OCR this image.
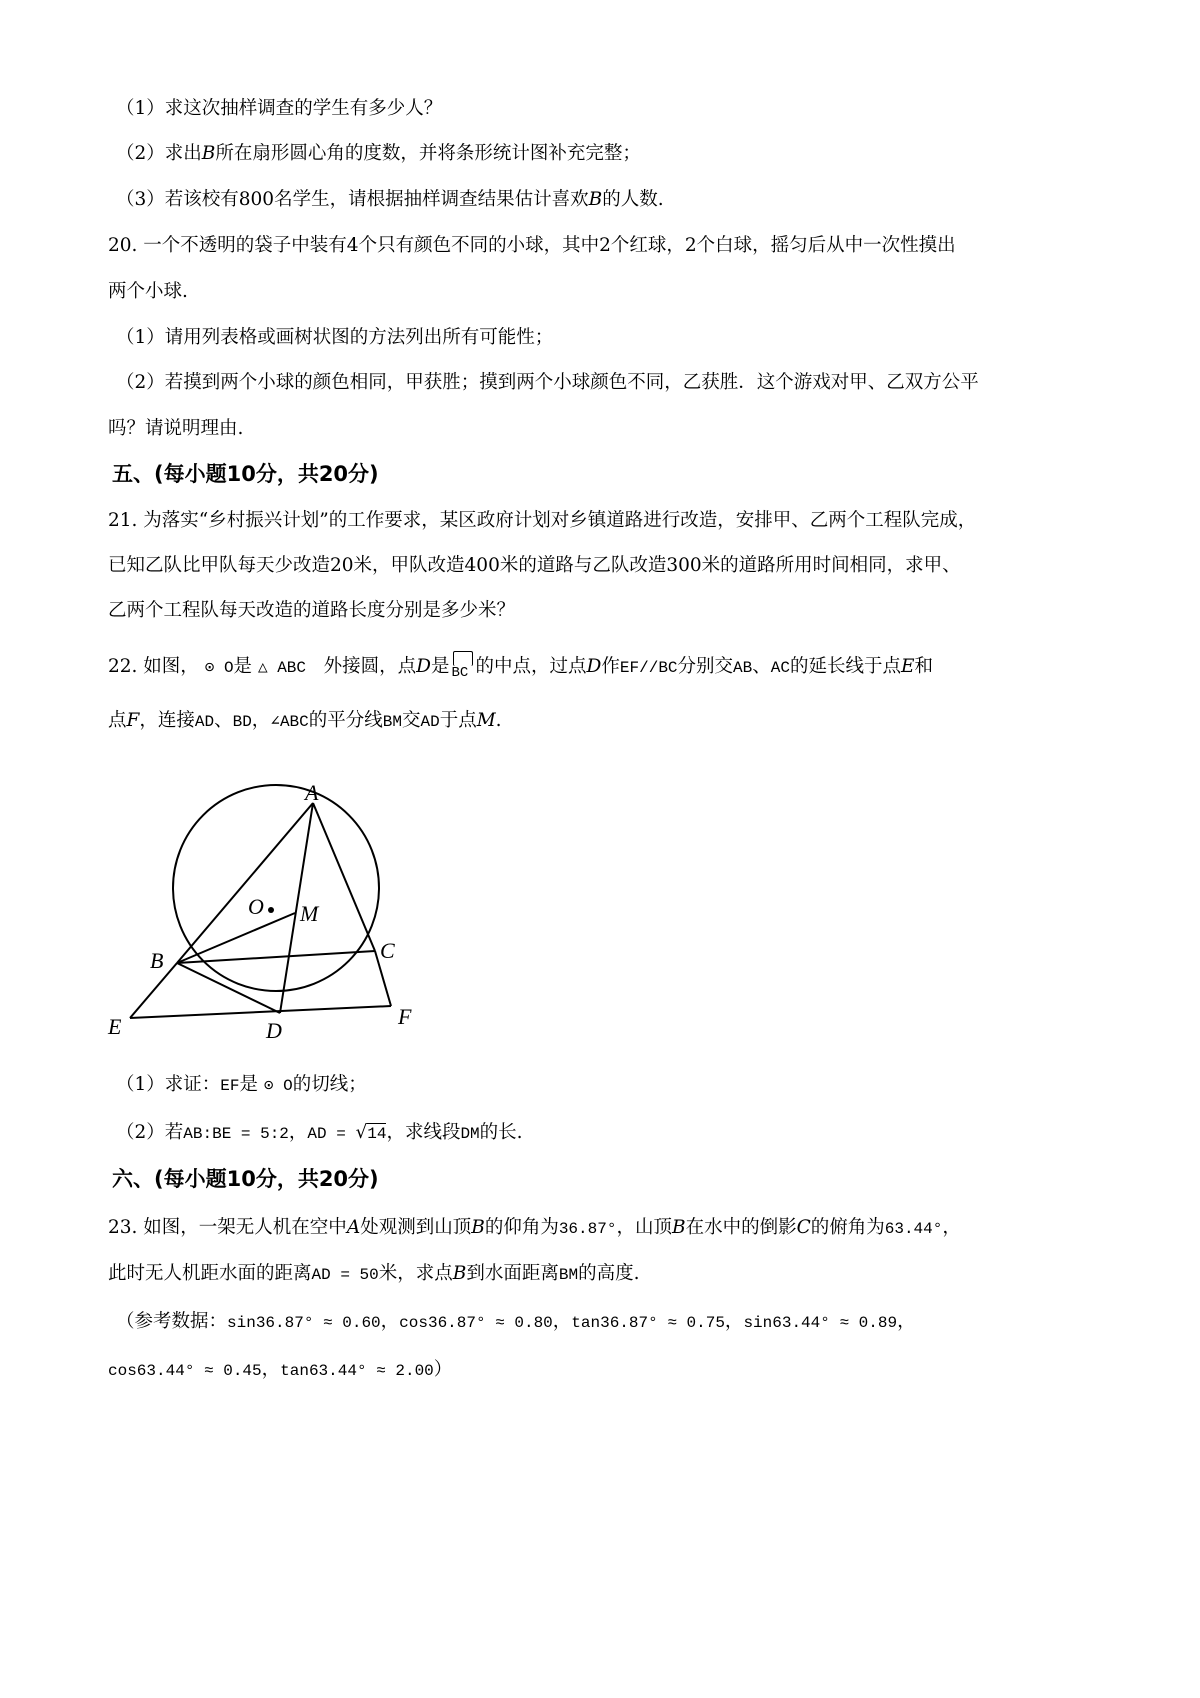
（1）求这次抽样调查的学生有多少人？

（2）求出B所在扇形圆心角的度数，并将条形统计图补充完整；

（3）若该校有800名学生，请根据抽样调查结果估计喜欢B的人数.

20. 一个不透明的袋子中装有4个只有颜色不同的小球，其中2个红球，2个白球，摇匀后从中一次性摸出

两个小球.

（1）请用列表格或画树状图的方法列出所有可能性；

（2）若摸到两个小球的颜色相同，甲获胜；摸到两个小球颜色不同，乙获胜．这个游戏对甲、乙双方公平

吗？请说明理由.

五、(每小题10分，共20分)

21. 为落实“乡村振兴计划”的工作要求，某区政府计划对乡镇道路进行改造，安排甲、乙两个工程队完成，

已知乙队比甲队每天少改造20米，甲队改造400米的道路与乙队改造300米的道路所用时间相同，求甲、

乙两个工程队每天改造的道路长度分别是多少米？

22. 如图， ⊙ O是 △ ABC 外接圆，点D是 BC 的中点，过点D作EF//BC分别交AB、AC的延长线于点E和

点F，连接AD、BD，∠ABC的平分线BM交AD于点M.

A
O M
B	C
E	D
F

（1）求证：EF是 ⊙ O的切线；

（2）若AB:BE = 5:2，AD = √14，求线段DM的长.

六、(每小题10分，共20分)

23. 如图，一架无人机在空中A处观测到山顶B的仰角为36.87°，山顶B在水中的倒影C的俯角为63.44°，

此时无人机距水面的距离AD = 50米，求点B到水面距离BM的高度.

（参考数据：sin36.87° ≈ 0.60，cos36.87° ≈ 0.80，tan36.87° ≈ 0.75，sin63.44° ≈ 0.89，

cos63.44° ≈ 0.45，tan63.44° ≈ 2.00）
